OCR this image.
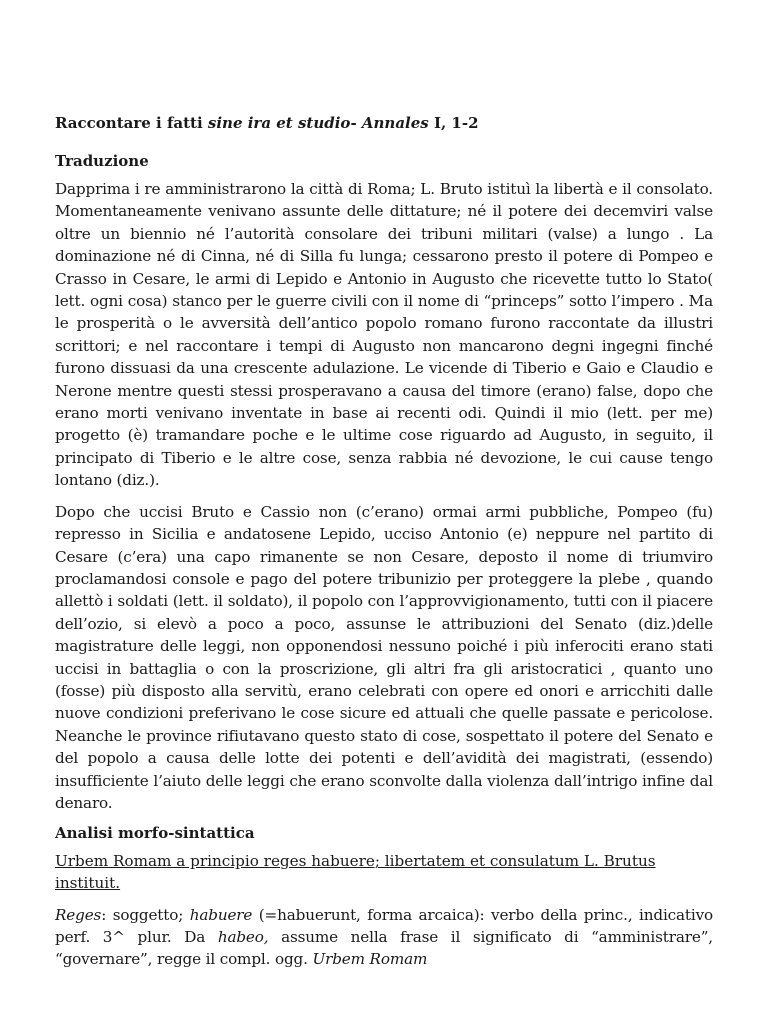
Raccontare i fatti sine ira et studio- Annales I, 1-2
Traduzione

Dapprima i re amministrarono la città di Roma; L. Bruto istituì la libertà e il consolato. Momentaneamente venivano assunte delle dittature; né il potere dei decemviri valse oltre un biennio né l’autorità consolare dei tribuni militari (valse) a lungo . La dominazione né di Cinna, né di Silla fu lunga; cessarono presto il potere di Pompeo e Crasso in Cesare, le armi di Lepido e Antonio in Augusto che ricevette tutto lo Stato( lett. ogni cosa) stanco per le guerre civili con il nome di “princeps” sotto l’impero . Ma le prosperità o le avversità dell’antico popolo romano furono raccontate da illustri scrittori; e nel raccontare i tempi di Augusto non mancarono degni ingegni finché furono dissuasi da una crescente adulazione. Le vicende di Tiberio e Gaio e Claudio e Nerone mentre questi stessi prosperavano a causa del timore (erano) false, dopo che erano morti venivano inventate in base ai recenti odi. Quindi il mio (lett. per me) progetto (è) tramandare poche e le ultime cose riguardo ad Augusto, in seguito, il principato di Tiberio e le altre cose, senza rabbia né devozione, le cui cause tengo lontano (diz.).

Dopo che uccisi Bruto e Cassio non (c’erano) ormai armi pubbliche, Pompeo (fu) represso in Sicilia e andatosene Lepido, ucciso Antonio (e) neppure nel partito di Cesare (c’era) una capo rimanente se non Cesare, deposto il nome di triumviro proclamandosi console e pago del potere tribunizio per proteggere la plebe , quando allettò i soldati (lett. il soldato), il popolo con l’approvvigionamento, tutti con il piacere dell’ozio, si elevò a poco a poco, assunse le attribuzioni del Senato (diz.)delle magistrature delle leggi, non opponendosi nessuno poiché i più inferociti erano stati uccisi in battaglia o con la proscrizione, gli altri fra gli aristocratici , quanto uno (fosse) più disposto alla servitù, erano celebrati con opere ed onori e arricchiti dalle nuove condizioni preferivano le cose sicure ed attuali che quelle passate e pericolose. Neanche le province rifiutavano questo stato di cose, sospettato il potere del Senato e del popolo a causa delle lotte dei potenti e dell’avidità dei magistrati, (essendo) insufficiente l’aiuto delle leggi che erano sconvolte dalla violenza dall’intrigo infine dal denaro.

Analisi morfo-sintattica
Urbem Romam a principio reges habuere; libertatem et consulatum L. Brutus instituit.

Reges: soggetto; habuere (=habuerunt, forma arcaica): verbo della princ., indicativo perf. 3^ plur. Da habeo, assume nella frase il significato di “amministrare”, “governare”, regge il compl. ogg. Urbem Romam
